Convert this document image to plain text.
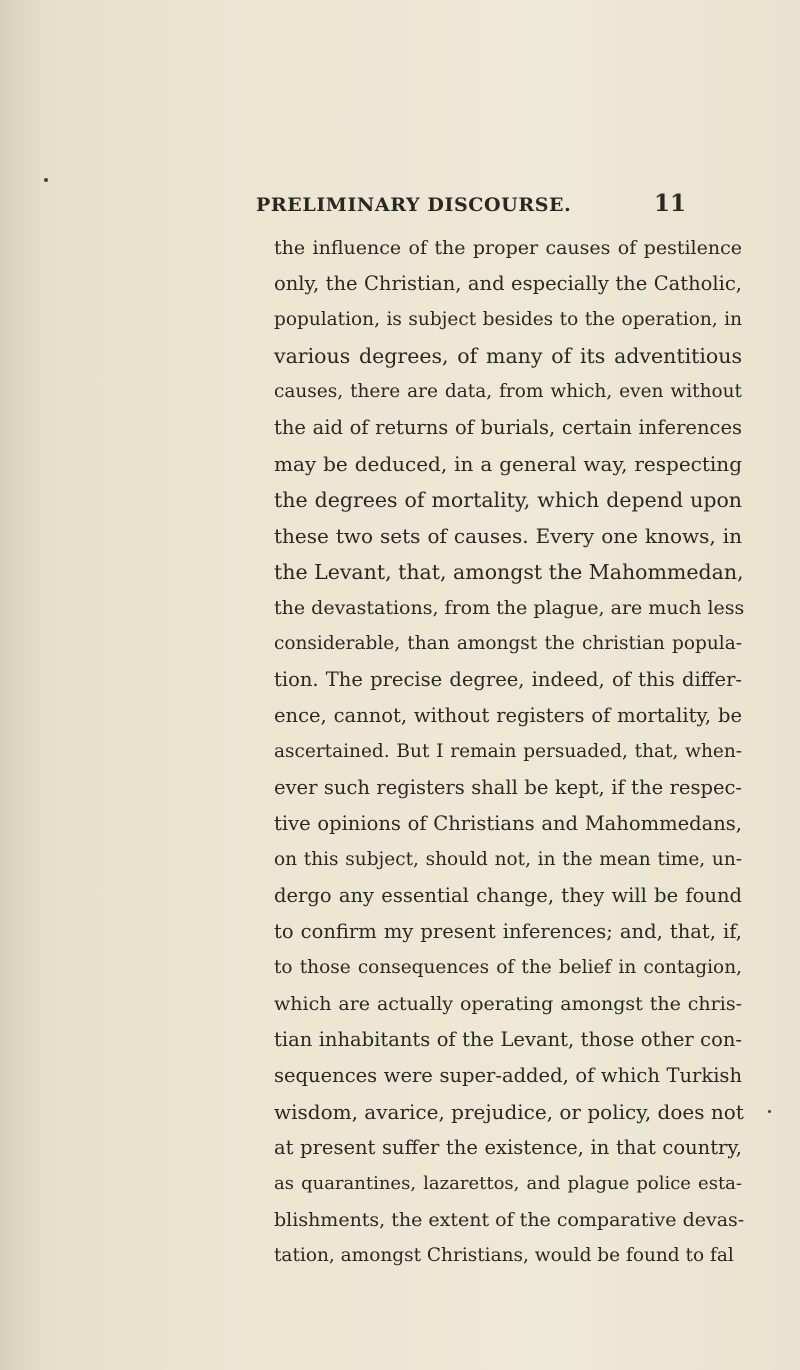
PRELIMINARY DISCOURSE.	11
the influence of the proper causes of pestilence
only, the Christian, and especially the Catholic,
population, is subject besides to the operation, in
various degrees, of many of its adventitious
causes, there are data, from which, even without
the aid of returns of burials, certain inferences
may be deduced, in a general way, respecting
the degrees of mortality, which depend upon
these two sets of causes. Every one knows, in
the Levant, that, amongst the Mahommedan,
the devastations, from the plague, are much less
considerable, than amongst the christian popula-
tion. The precise degree, indeed, of this differ-
ence, cannot, without registers of mortality, be
ascertained. But I remain persuaded, that, when-
ever such registers shall be kept, if the respec-
tive opinions of Christians and Mahommedans,
on this subject, should not, in the mean time, un-
dergo any essential change, they will be found
to confirm my present inferences; and, that, if,
to those consequences of the belief in contagion,
which are actually operating amongst the chris-
tian inhabitants of the Levant, those other con-
sequences were super-added, of which Turkish
wisdom, avarice, prejudice, or policy, does not
at present suffer the existence, in that country,
as quarantines, lazarettos, and plague police esta-
blishments, the extent of the comparative devas-
tation, amongst Christians, would be found to fal
